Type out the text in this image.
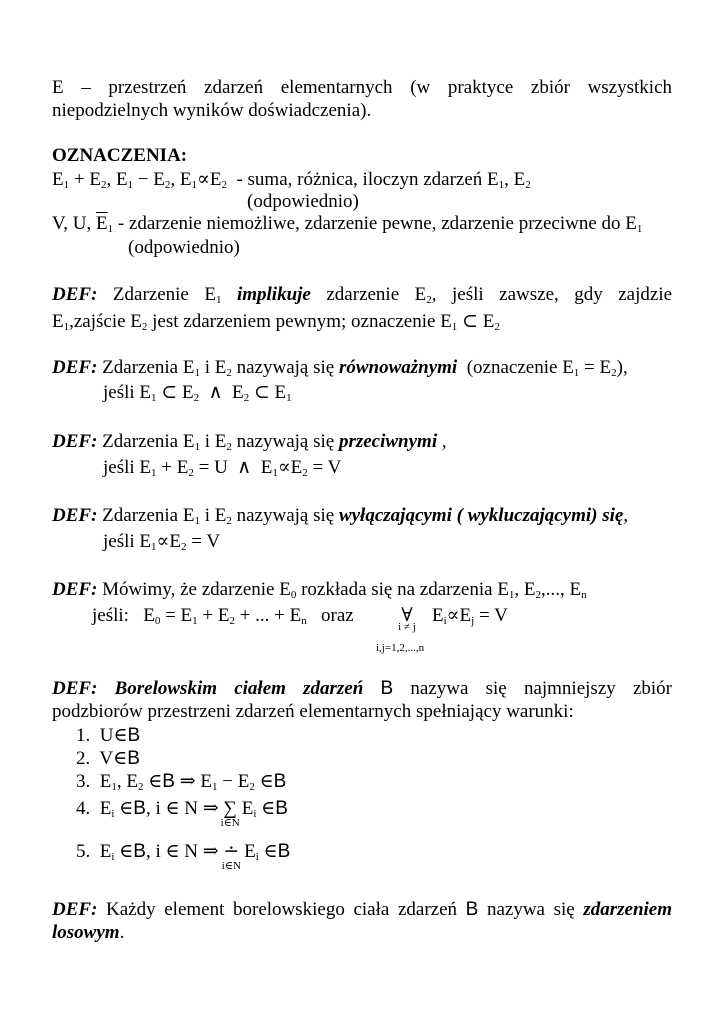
E – przestrzeń zdarzeń elementarnych (w praktyce zbiór wszystkich
niepodzielnych wyników doświadczenia).
OZNACZENIA:
$E_1 + E_2$, $E_1 - E_2$, $E_1\propto E_2$ - suma, różnica, iloczyn zdarzeń $E_1$, $E_2$
(odpowiednio)
V, U, $\overline{E}_1$ - zdarzenie niemożliwe, zdarzenie pewne, zdarzenie przeciwne do $E_1$
(odpowiednio)
DEF: Zdarzenie $E_1$ implikuje zdarzenie $E_2$, jeśli zawsze, gdy zajdzie
$E_1,zajście$ $E_2$ jest zdarzeniem pewnym; oznaczenie $E_1$ ⊂ $E_2$
DEF: Zdarzenia $E_1$ i $E_2$ nazywają się równoważnymi (oznaczenie $E_1 = E_2$),
jeśli $E_1$ ⊂ $E_2$  ∧  $E_2$ ⊂ $E_1$
DEF: Zdarzenia $E_1$ i $E_2$ nazywają się przeciwnymi ,
jeśli $E_1 + E_2 = U$  ∧  $E_1\propto E_2 = V$
DEF: Zdarzenia $E_1$ i $E_2$ nazywają się wyłączającymi ( wykluczającymi) się,
jeśli $E_1\propto E_2 = V$
DEF: Mówimy, że zdarzenie $E_0$ rozkłada się na zdarzenia $E_1$, $E_2$,..., $E_n$
jeśli:   $E_0 = E_1 + E_2$ + ... + $E_n$ oraz	∀
i ≠ j
i,j=1,2,...,n
$E_i\propto E_j = V$
DEF: Borelowskim ciałem zdarzeń B nazywa się najmniejszy zbiór
podzbiorów przestrzeni zdarzeń elementarnych spełniający warunki:
1.  U∈B
2.  V∈B
3.  $E_1$, $E_2$ ∈B ⇒ $E_1 - E_2$ ∈B
4.  $E_i$ ∈B, i ∈ N ⇒ ∑
i∈N
$E_i$ ∈B
5.  $E_i$ ∈B, i ∈ N ⇒ ∸
i∈N
$E_i$ ∈B
DEF: Każdy element borelowskiego ciała zdarzeń B nazywa się zdarzeniem
losowym.
